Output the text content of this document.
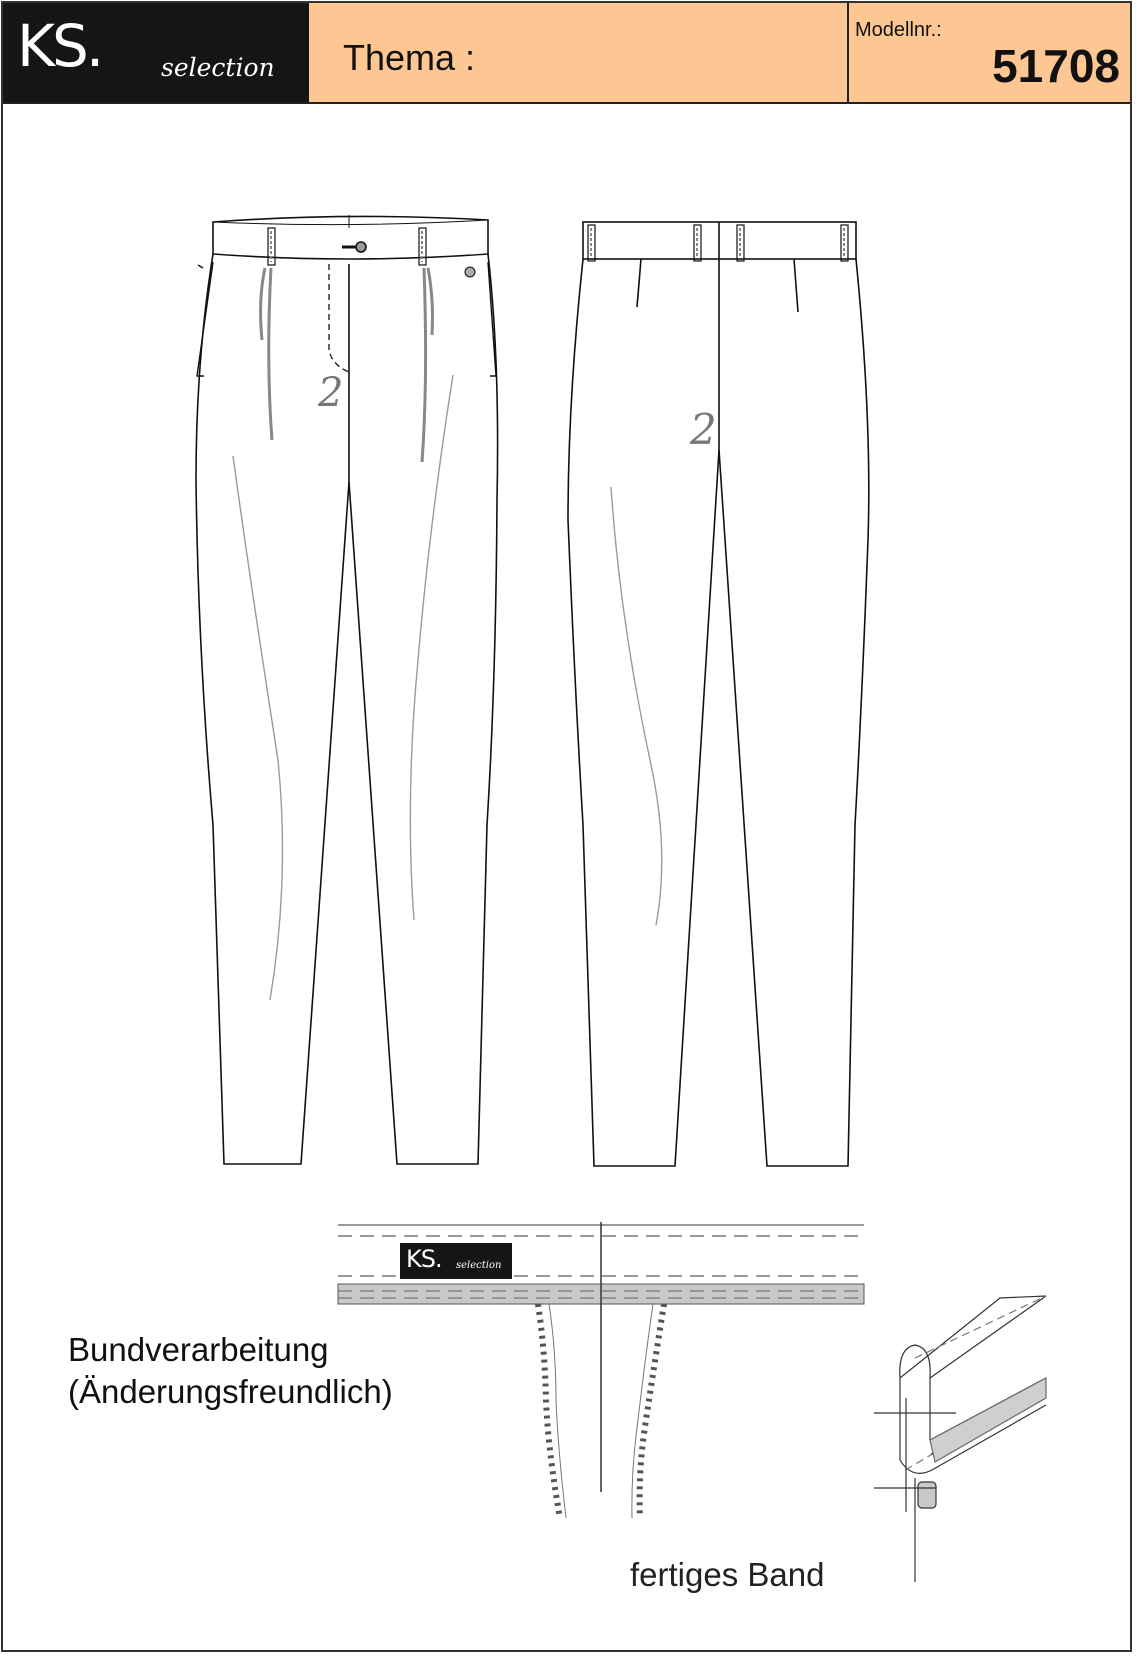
KS. selection Thema :
Modellnr.:
51708
2
2
KS. selection
Bundverarbeitung
(Änderungsfreundlich)
fertiges Band
